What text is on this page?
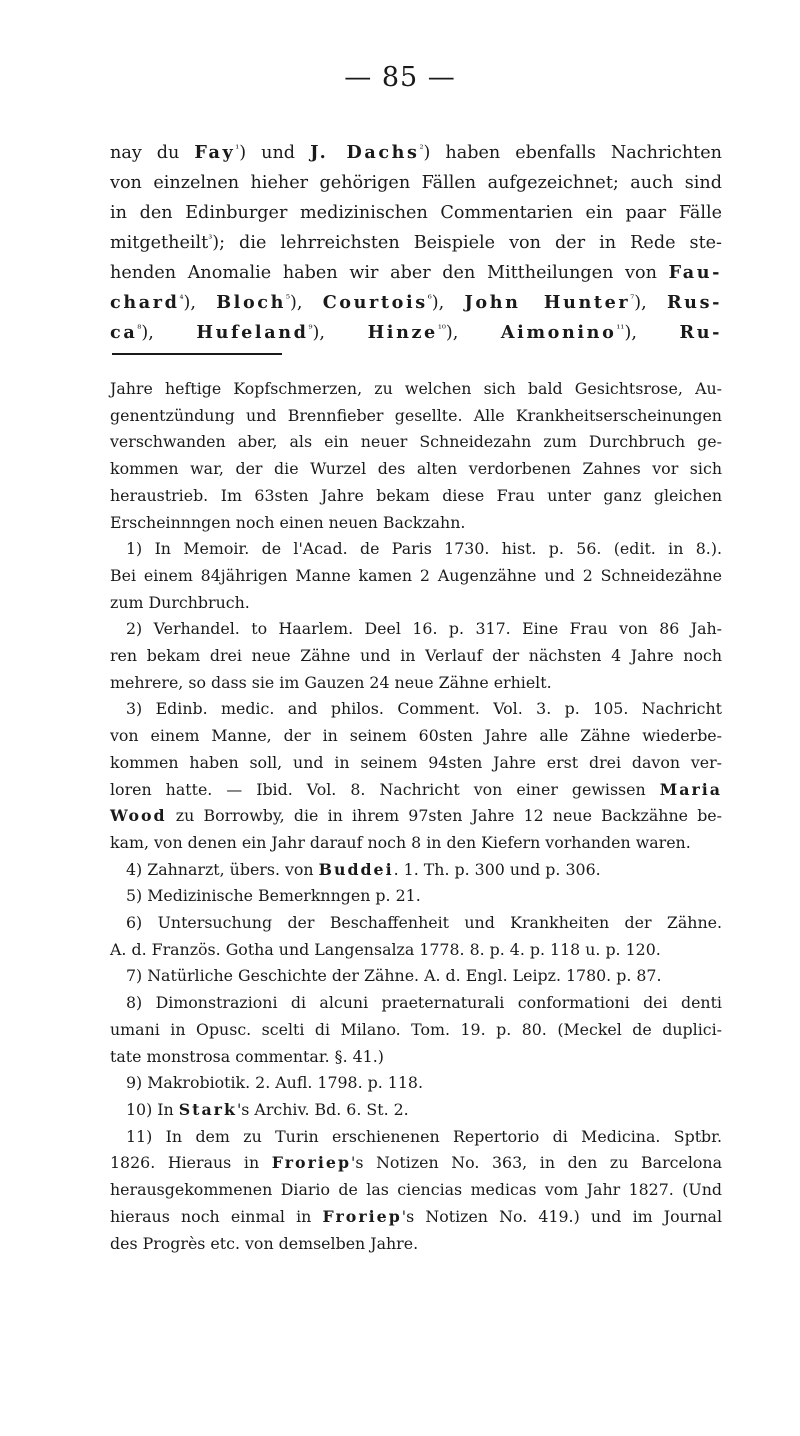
— 85 —
nay du Fay$^{^1}$) und J. Dachs$^{^2}$) haben ebenfalls Nachrichten
von einzelnen hieher gehörigen Fällen aufgezeichnet; auch sind
in den Edinburger medizinischen Commentarien ein paar Fälle
mitgetheilt$^{^3}$); die lehrreichsten Beispiele von der in Rede ste-
henden Anomalie haben wir aber den Mittheilungen von Fau-
chard$^{^4}$), Bloch$^{^5}$), Courtois$^{^6}$), John Hunter$^{^7}$), Rus-
$ca^{^8}$), Hufeland$^{^9}$), Hinze$^{^{10}}$), Aimonino$^{^{11}}$), Ru-
Jahre heftige Kopfschmerzen, zu welchen sich bald Gesichtsrose, Au-
genentzündung und Brennfieber gesellte. Alle Krankheitserscheinungen
verschwanden aber, als ein neuer Schneidezahn zum Durchbruch ge-
kommen war, der die Wurzel des alten verdorbenen Zahnes vor sich
heraustrieb. Im 63sten Jahre bekam diese Frau unter ganz gleichen
Erscheinnngen noch einen neuen Backzahn.
1) In Memoir. de l'Acad. de Paris 1730. hist. p. 56. (edit. in 8.).
Bei einem 84jährigen Manne kamen 2 Augenzähne und 2 Schneidezähne
zum Durchbruch.
2) Verhandel. to Haarlem. Deel 16. p. 317. Eine Frau von 86 Jah-
ren bekam drei neue Zähne und in Verlauf der nächsten 4 Jahre noch
mehrere, so dass sie im Gauzen 24 neue Zähne erhielt.
3) Edinb. medic. and philos. Comment. Vol. 3. p. 105. Nachricht
von einem Manne, der in seinem 60sten Jahre alle Zähne wiederbe-
kommen haben soll, und in seinem 94sten Jahre erst drei davon ver-
loren hatte. — Ibid. Vol. 8. Nachricht von einer gewissen Maria
Wood zu Borrowby, die in ihrem 97sten Jahre 12 neue Backzähne be-
kam, von denen ein Jahr darauf noch 8 in den Kiefern vorhanden waren.
4) Zahnarzt, übers. von Buddei. 1. Th. p. 300 und p. 306.
5) Medizinische Bemerknngen p. 21.
6) Untersuchung der Beschaffenheit und Krankheiten der Zähne.
A. d. Französ. Gotha und Langensalza 1778. 8. p. 4. p. 118 u. p. 120.
7) Natürliche Geschichte der Zähne. A. d. Engl. Leipz. 1780. p. 87.
8) Dimonstrazioni di alcuni praeternaturali conformationi dei denti
umani in Opusc. scelti di Milano. Tom. 19. p. 80. (Meckel de duplici-
tate monstrosa commentar. §. 41.)
9) Makrobiotik. 2. Aufl. 1798. p. 118.
10) In Stark's Archiv. Bd. 6. St. 2.
11) In dem zu Turin erschienenen Repertorio di Medicina. Sptbr.
1826. Hieraus in Froriep's Notizen No. 363, in den zu Barcelona
herausgekommenen Diario de las ciencias medicas vom Jahr 1827. (Und
hieraus noch einmal in Froriep's Notizen No. 419.) und im Journal
des Progrès etc. von demselben Jahre.
